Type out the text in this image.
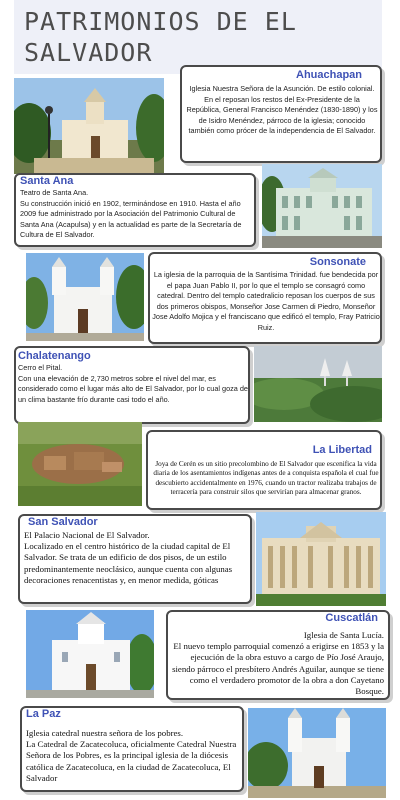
PATRIMONIOS DE EL SALVADOR
Ahuachapan

Iglesia Nuestra Señora de la Asunción. De estilo colonial. En el reposan los restos del Ex-Presidente de la República, General Francisco Menéndez (1830-1890) y los de Isidro Menéndez, párroco de la iglesia; conocido también como prócer de la independencia de El Salvador.

Santa Ana

Teatro de Santa Ana.
Su construcción inició en 1902, terminándose en 1910. Hasta el año 2009 fue administrado por la Asociación del Patrimonio Cultural de Santa Ana (Acapulsa) y en la actualidad es parte de la Secretaría de Cultura de El Salvador.

Sonsonate

La iglesia de la parroquia de la Santísima Trinidad. fue bendecida por el papa Juan Pablo II, por lo que el templo se consagró como catedral. Dentro del templo catedralicio reposan los cuerpos de sus dos primeros obispos, Monseñor Jose Carmen di Piedro, Monseñor Jose Adolfo Mojica y el franciscano que edificó el templo, Fray Patricio Ruiz.

Chalatenango

Cerro el Pital.
Con una elevación de 2,730 metros sobre el nivel del mar, es considerado como el lugar más alto de El Salvador, por lo cual goza de un clima bastante frío durante casi todo el año.

La Libertad

Joya de Cerén es un sitio precolombino de El Salvador que escenifica la vida diaria de los asentamientos indígenas antes de a conquista española el cual fue descubierto accidentalmente en 1976, cuando un tractor realizaba trabajos de terracería para construir silos que servirían para almacenar granos.

San Salvador

El Palacio Nacional de El Salvador.
Localizado en el centro histórico de la ciudad capital de El Salvador. Se trata de un edificio de dos pisos, de un estilo predominantemente neoclásico, aunque cuenta con algunas decoraciones renacentistas y, en menor medida, góticas

Cuscatlán

Iglesia de Santa Lucía.
El nuevo templo parroquial comenzó a erigirse en 1853 y la ejecución de la obra estuvo a cargo de Pío José Araujo, siendo párroco el presbítero Andrés Aguilar, aunque se tiene como el verdadero promotor de la obra a don Cayetano Bosque.

La Paz

Iglesia catedral nuestra señora de los pobres.
La Catedral de Zacatecoluca, oficialmente Catedral Nuestra Señora de los Pobres, es la principal iglesia de la diócesis católica de Zacatecoluca, en la ciudad de Zacatecoluca, El Salvador
